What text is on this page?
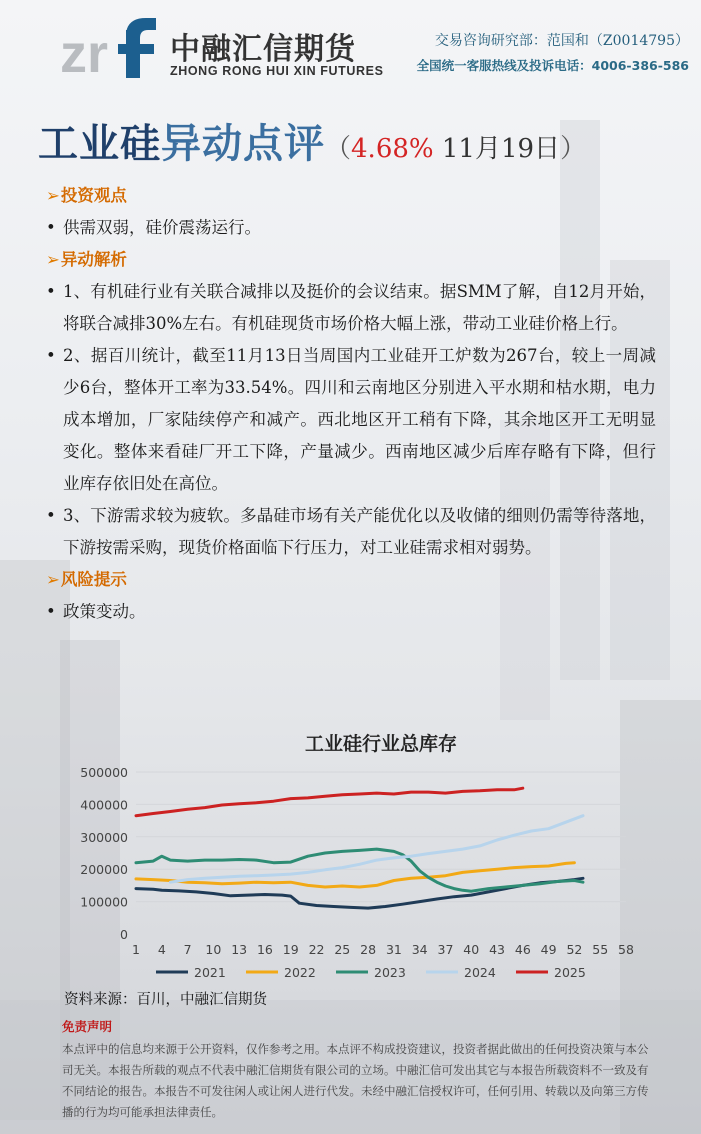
zr 中融汇信期货
ZHONG RONG HUI XIN FUTURES
交易咨询研究部：范国和（Z0014795）
全国统一客服热线及投诉电话：4006-386-586
工业硅异动点评（4.68% 11月19日）

➢投资观点

• 供需双弱，硅价震荡运行。

➢异动解析

• 1、有机硅行业有关联合减排以及挺价的会议结束。据SMM了解，自12月开始，将联合减排30%左右。有机硅现货市场价格大幅上涨，带动工业硅价格上行。

• 2、据百川统计，截至11月13日当周国内工业硅开工炉数为267台，较上一周减少6台，整体开工率为33.54%。四川和云南地区分别进入平水期和枯水期，电力成本增加，厂家陆续停产和减产。西北地区开工稍有下降，其余地区开工无明显变化。整体来看硅厂开工下降，产量减少。西南地区减少后库存略有下降，但行业库存依旧处在高位。

• 3、下游需求较为疲软。多晶硅市场有关产能优化以及收储的细则仍需等待落地，下游按需采购，现货价格面临下行压力，对工业硅需求相对弱势。

➢风险提示

• 政策变动。

工业硅行业总库存
0
100000
200000
300000
400000
500000
1 4 7 10 13 16 19 22 25 28 31 34 37 40 43 46 49 52 55 58
2021	2022	2023	2024	2025
资料来源：百川，中融汇信期货
免责声明
本点评中的信息均来源于公开资料，仅作参考之用。本点评不构成投资建议，投资者据此做出的任何投资决策与本公司无关。本报告所载的观点不代表中融汇信期货有限公司的立场。中融汇信可发出其它与本报告所载资料不一致及有不同结论的报告。本报告不可发往闲人或让闲人进行代发。未经中融汇信授权许可，任何引用、转载以及向第三方传播的行为均可能承担法律责任。
